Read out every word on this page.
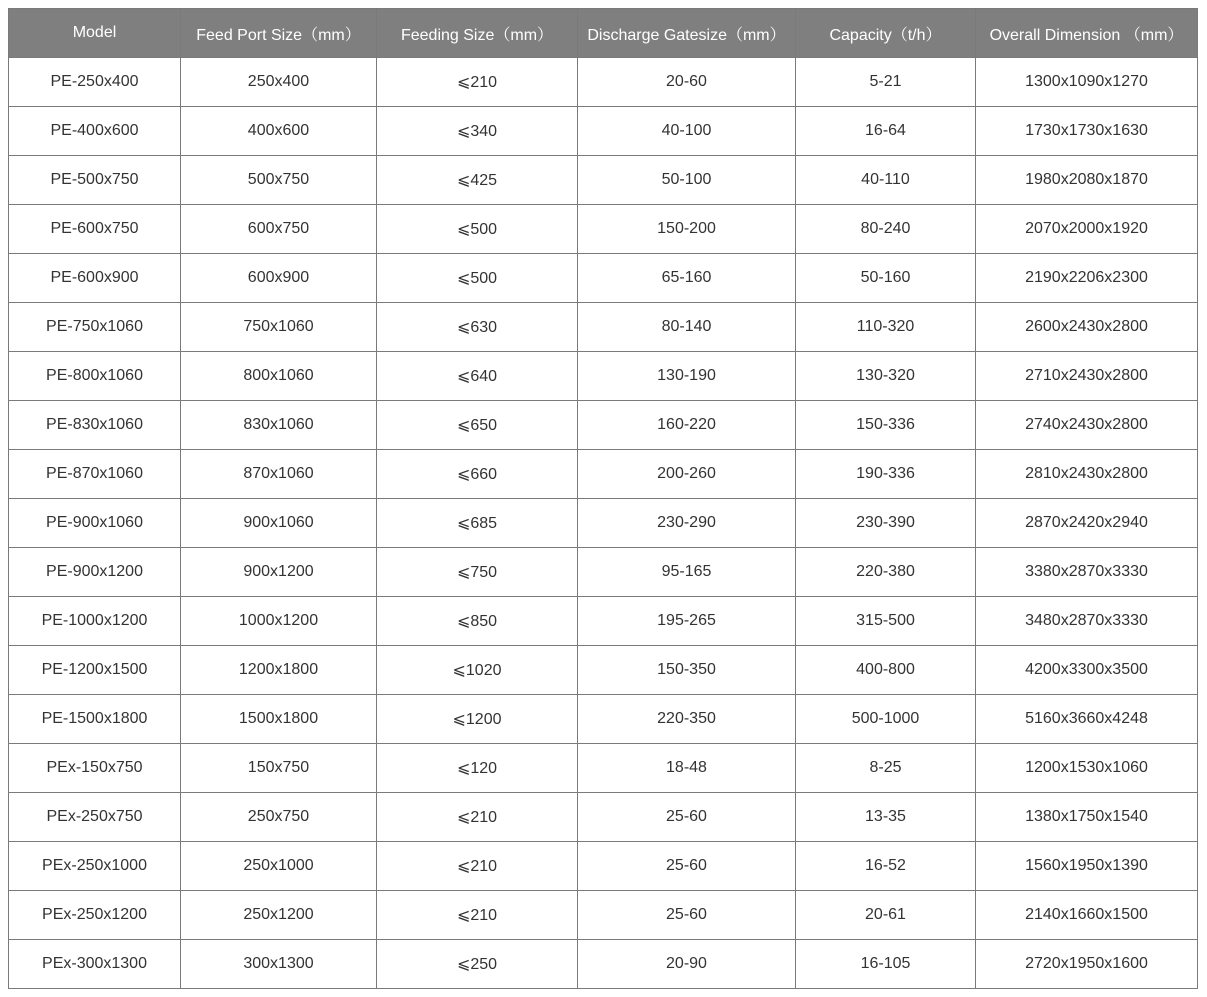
Model	Feed Port Size（mm）	Feeding Size（mm）	Discharge Gatesize（mm）	Capacity（t/h）	Overall Dimension （mm）
PE-250x400	250x400	⩽210	20-60	5-21	1300x1090x1270
PE-400x600	400x600	⩽340	40-100	16-64	1730x1730x1630
PE-500x750	500x750	⩽425	50-100	40-110	1980x2080x1870
PE-600x750	600x750	⩽500	150-200	80-240	2070x2000x1920
PE-600x900	600x900	⩽500	65-160	50-160	2190x2206x2300
PE-750x1060	750x1060	⩽630	80-140	110-320	2600x2430x2800
PE-800x1060	800x1060	⩽640	130-190	130-320	2710x2430x2800
PE-830x1060	830x1060	⩽650	160-220	150-336	2740x2430x2800
PE-870x1060	870x1060	⩽660	200-260	190-336	2810x2430x2800
PE-900x1060	900x1060	⩽685	230-290	230-390	2870x2420x2940
PE-900x1200	900x1200	⩽750	95-165	220-380	3380x2870x3330
PE-1000x1200	1000x1200	⩽850	195-265	315-500	3480x2870x3330
PE-1200x1500	1200x1800	⩽1020	150-350	400-800	4200x3300x3500
PE-1500x1800	1500x1800	⩽1200	220-350	500-1000	5160x3660x4248
PEx-150x750	150x750	⩽120	18-48	8-25	1200x1530x1060
PEx-250x750	250x750	⩽210	25-60	13-35	1380x1750x1540
PEx-250x1000	250x1000	⩽210	25-60	16-52	1560x1950x1390
PEx-250x1200	250x1200	⩽210	25-60	20-61	2140x1660x1500
PEx-300x1300	300x1300	⩽250	20-90	16-105	2720x1950x1600
